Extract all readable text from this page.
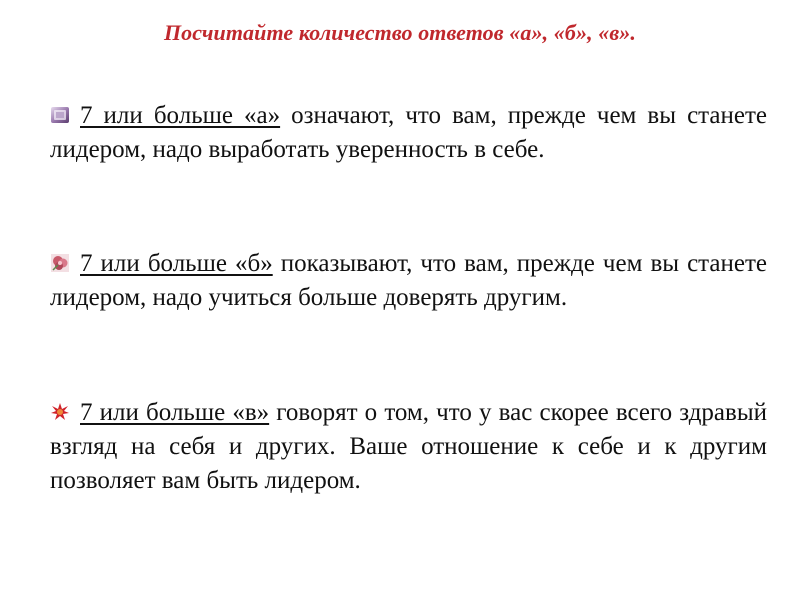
Посчитайте количество ответов «а», «б», «в».
7 или больше «а» означают, что вам, прежде чем вы станете лидером, надо выработать уверенность в себе.
7 или больше «б» показывают, что вам, прежде чем вы станете лидером, надо учиться больше доверять другим.
7 или больше «в» говорят о том, что у вас скорее всего здравый взгляд на себя и других. Ваше отношение к себе и к другим позволяет вам быть лидером.
